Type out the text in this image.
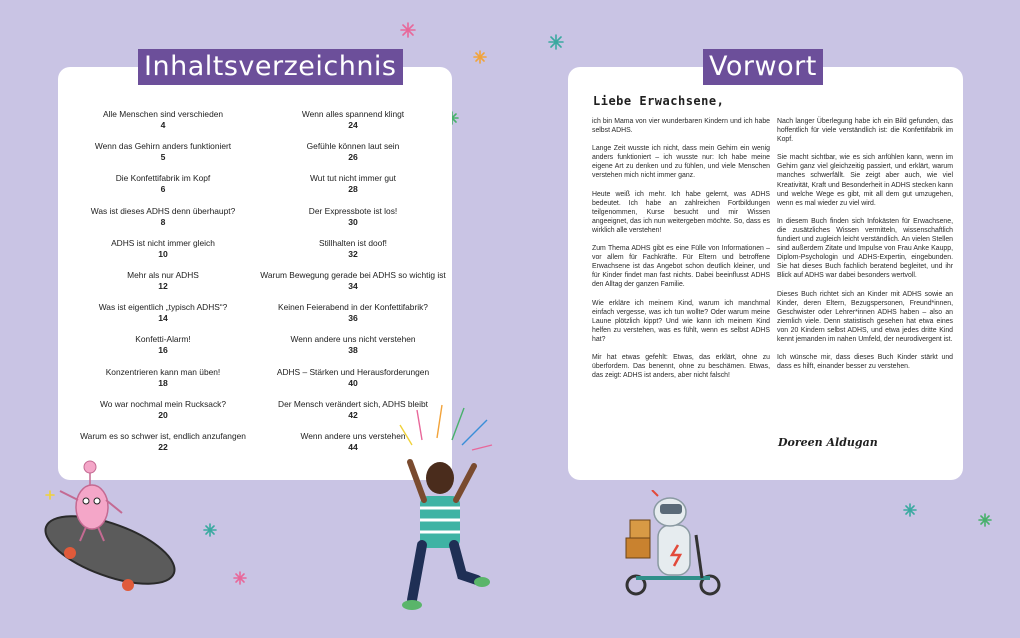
Inhaltsverzeichnis	Vorwort
Alle Menschen sind verschieden
4
Wenn das Gehirn anders funktioniert
5
Die Konfettifabrik im Kopf
6
Was ist dieses ADHS denn überhaupt?
8
ADHS ist nicht immer gleich
10
Mehr als nur ADHS
12
Was ist eigentlich „typisch ADHS“?
14
Konfetti-Alarm!
16
Konzentrieren kann man üben!
18
Wo war nochmal mein Rucksack?
20
Warum es so schwer ist, endlich anzufangen
22
Wenn alles spannend klingt
24
Gefühle können laut sein
26
Wut tut nicht immer gut
28
Der Expressbote ist los!
30
Stillhalten ist doof!
32
Warum Bewegung gerade bei ADHS so wichtig ist
34
Keinen Feierabend in der Konfettifabrik?
36
Wenn andere uns nicht verstehen
38
ADHS – Stärken und Herausforderungen
40
Der Mensch verändert sich, ADHS bleibt
42
Wenn andere uns verstehen
44
Liebe Erwachsene,

ich bin Mama von vier wunderbaren Kindern und ich habe selbst ADHS.

Lange Zeit wusste ich nicht, dass mein Gehirn ein wenig anders funktioniert – ich wusste nur: Ich habe meine eigene Art zu denken und zu fühlen, und viele Menschen verstehen mich nicht immer ganz.

Heute weiß ich mehr. Ich habe gelernt, was ADHS bedeutet. Ich habe an zahlreichen Fortbildungen teilgenommen, Kurse besucht und mir Wissen angeeignet, das ich nun weitergeben möchte. So, dass es wirklich alle verstehen!

Zum Thema ADHS gibt es eine Fülle von Informationen – vor allem für Fachkräfte. Für Eltern und betroffene Erwachsene ist das Angebot schon deutlich kleiner, und für Kinder findet man fast nichts. Dabei beeinflusst ADHS den Alltag der ganzen Familie.

Wie erkläre ich meinem Kind, warum ich manchmal einfach vergesse, was ich tun wollte? Oder warum meine Laune plötzlich kippt? Und wie kann ich meinem Kind helfen zu verstehen, was es fühlt, wenn es selbst ADHS hat?

Mir hat etwas gefehlt: Etwas, das erklärt, ohne zu überfordern. Das benennt, ohne zu beschämen. Etwas, das zeigt: ADHS ist anders, aber nicht falsch!

Nach langer Überlegung habe ich ein Bild gefunden, das hoffentlich für viele verständlich ist: die Konfettifabrik im Kopf.

Sie macht sichtbar, wie es sich anfühlen kann, wenn im Gehirn ganz viel gleichzeitig passiert, und erklärt, warum manches schwerfällt. Sie zeigt aber auch, wie viel Kreativität, Kraft und Besonderheit in ADHS stecken kann und welche Wege es gibt, mit all dem gut umzugehen, wenn es mal wieder zu viel wird.

In diesem Buch finden sich Infokästen für Erwachsene, die zusätzliches Wissen vermitteln, wissenschaftlich fundiert und zugleich leicht verständlich. An vielen Stellen sind außerdem Zitate und Impulse von Frau Anke Kaupp, Diplom-Psychologin und ADHS-Expertin, eingebunden. Sie hat dieses Buch fachlich beratend begleitet, und ihr Blick auf ADHS war dabei besonders wertvoll.

Dieses Buch richtet sich an Kinder mit ADHS sowie an Kinder, deren Eltern, Bezugspersonen, Freund*innen, Geschwister oder Lehrer*innen ADHS haben – also an ziemlich viele. Denn statistisch gesehen hat etwa eines von 20 Kindern selbst ADHS, und etwa jedes dritte Kind kennt jemanden im nahen Umfeld, der neurodivergent ist.

Ich wünsche mir, dass dieses Buch Kinder stärkt und dass es hilft, einander besser zu verstehen.

Doreen Aldugan
